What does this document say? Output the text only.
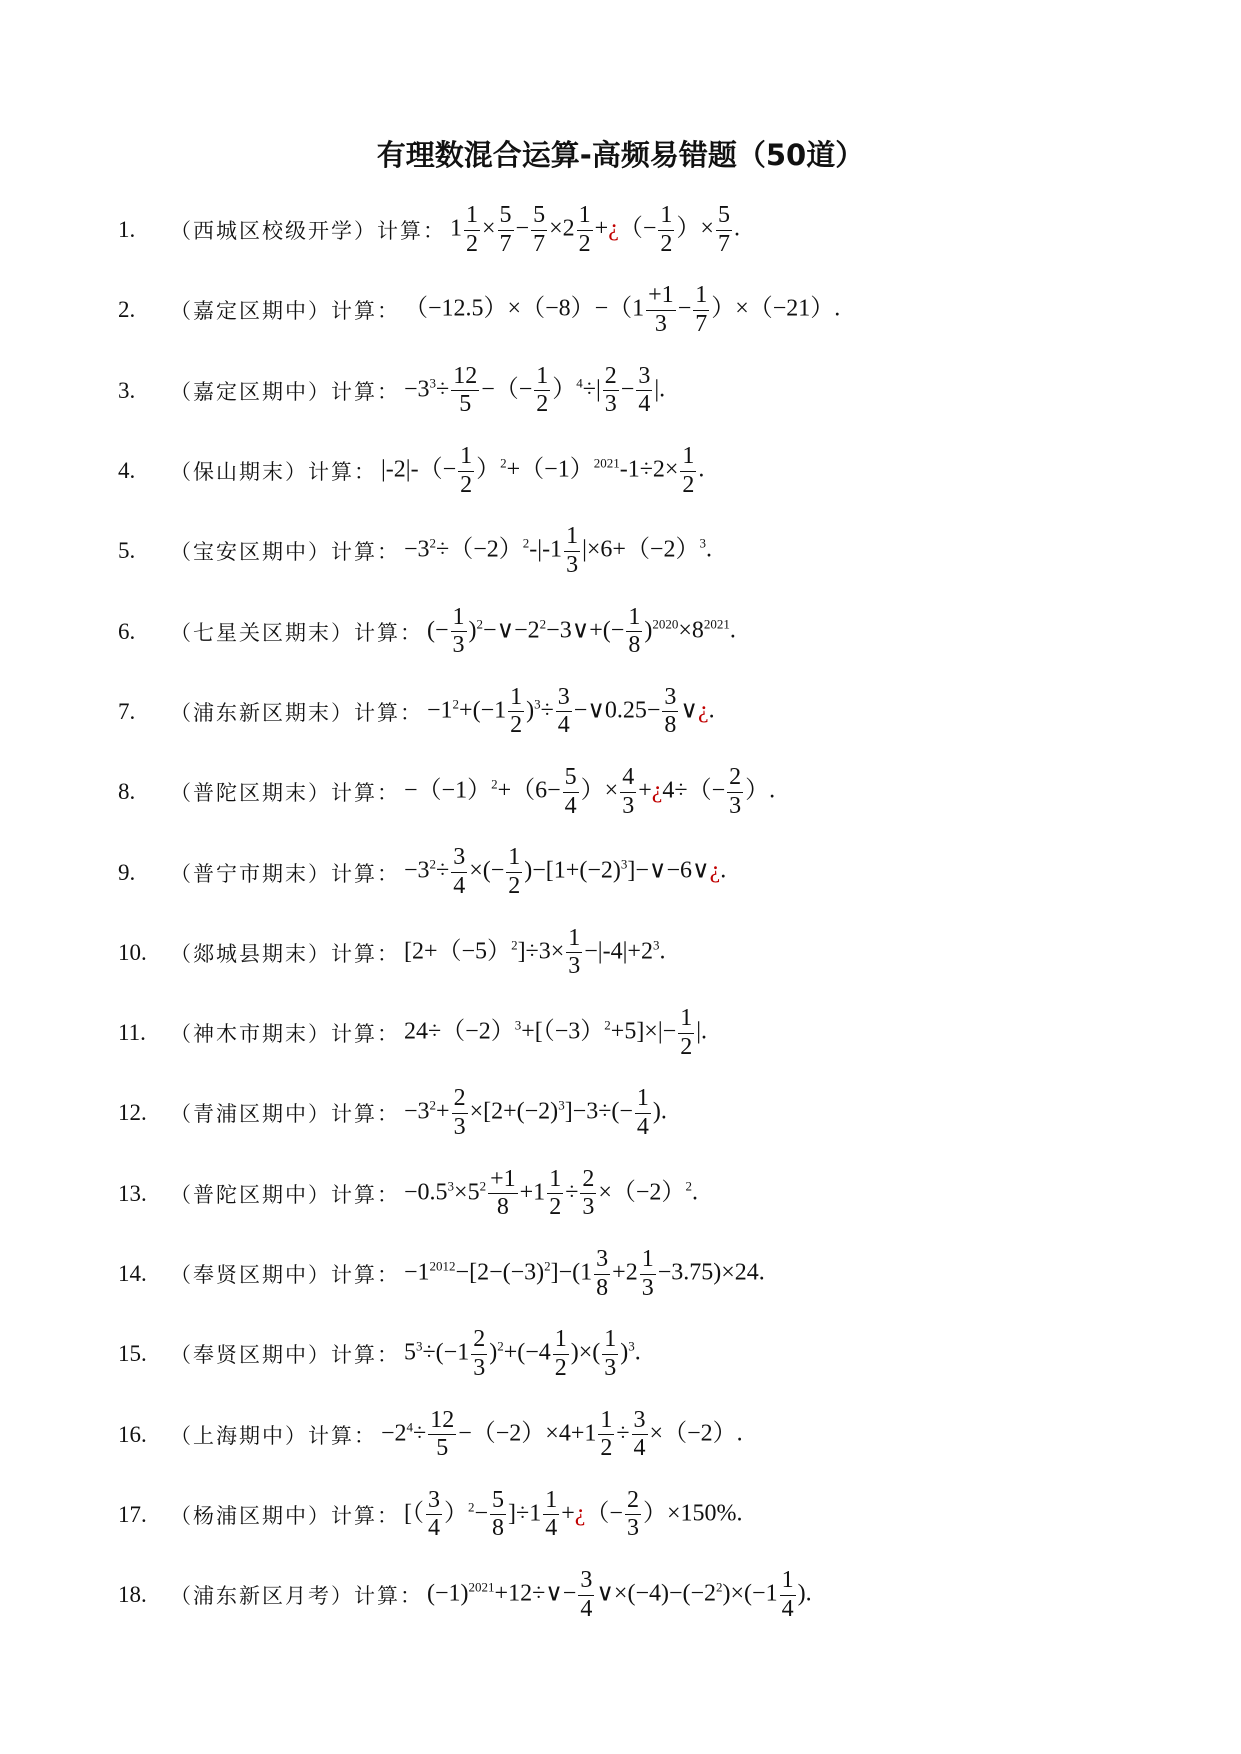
有理数混合运算-高频易错题（50道）
1.	（西城区校级开学） 计算： $1 \frac{1}{2} \times \frac{5}{7} - \frac{5}{7} \times 2 \frac{1}{2}$ +¿（− $\frac{1}{2}$ ）× $\frac{5}{7}$ .
2.	（嘉定区期中） 计算： $(-12.5)\times(-8)-(1 \frac{+1}{3} - \frac{1}{7} )\times(-21)$.
3.	（嘉定区期中） 计算： $-3^3\div \frac{12}{5}$ −（− $\frac{1}{2} )^4\div| \frac{2}{3} - \frac{3}{4}$ |.
4.	（保山期末） 计算： $|-2|-(- \frac{1}{2} )^2+(-1)^{2021}-1\div 2\times \frac{1}{2}$ .
5.	（宝安区期中） 计算： $-3^2\div(-2)^2-|-1 \frac{1}{3} |\times 6+(-2)^3$.
6.	（七星关区期末） 计算： (− $\frac{1}{3}$ )$^2-\vee-2^2-3\vee+(- \frac{1}{8} )^{2020}\times 8^{2021}$.
7.	（浦东新区期末） 计算： $-1^2+(-1 \frac{1}{2} )^3\div \frac{3}{4}$ −∨0.25− $\frac{3}{8}$ ∨¿.
8.	（普陀区期末） 计算： $-(-1)^2+(6- \frac{5}{4}$ ）× $\frac{4}{3}$ +¿4÷（− $\frac{2}{3}$ ）.
9.	（普宁市期末） 计算： $-3^2\div \frac{3}{4}$ ×(− $\frac{1}{2}$ )$-[1+(-2)^3]-\vee-6\vee¿$.
10.	（郯城县期末） 计算： $[2+(-5)^2]\div 3\times \frac{1}{3} -|-4|+2^3$.
11.	（神木市期末） 计算： $24\div(-2)^3+[(-3)^2+5]\times|- \frac{1}{2}$ |.
12.	（青浦区期中） 计算： $-3^2+ \frac{2}{3} \times[2+(-2)^3]-3\div(- \frac{1}{4}$ ).
13.	（普陀区期中） 计算： $-0.5^3\times 5^2 \frac{+1}{8} +1 \frac{1}{2} \div \frac{2}{3} \times(-2)^2$.
14.	（奉贤区期中） 计算： $-1^{2012}-[2-(-3)^2]-(1 \frac{3}{8} +2 \frac{1}{3} -3.75)\times 24$.
15.	（奉贤区期中） 计算： $5^3\div(-1 \frac{2}{3} )^2+(-4 \frac{1}{2}$ )×( $\frac{1}{3} )^3$.
16.	（上海期中） 计算： $-2^4\div \frac{12}{5} -(-2)\times 4+1 \frac{1}{2} \div \frac{3}{4} \times(-2)$.
17.	（杨浦区期中） 计算： [（ $\frac{3}{4} )^2- \frac{5}{8} ]\div 1 \frac{1}{4}$ +¿（− $\frac{2}{3} )\times 150\%$.
18.	（浦东新区月考） 计算： $(-1)^{2021}+12\div\vee- \frac{3}{4}$ $\vee\times(-4)-(-2^2)\times(-1 \frac{1}{4}$ ).
